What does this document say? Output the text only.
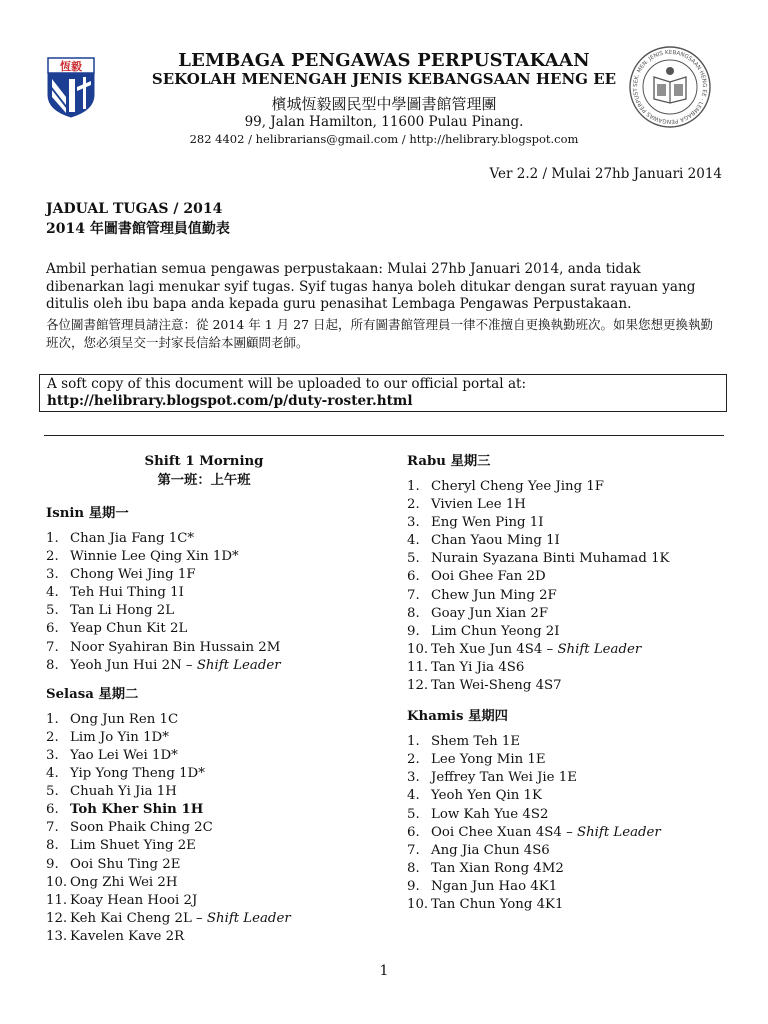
恆毅	LEMBAGA PENGAWAS PERPUSTAKAAN
SEKOLAH MENENGAH JENIS KEBANGSAAN HENG EE
檳城恆毅國民型中學圖書館管理團
99, Jalan Hamilton, 11600 Pulau Pinang.
282 4402 / helibrarians@gmail.com / http://helibrary.blogspot.com
SEK. MEN. JENIS KEBANGSAAN HENG EE · LEMBAGA PENGAWAS PERPUST
Ver 2.2 / Mulai 27hb Januari 2014
JADUAL TUGAS / 2014
2014 年圖書館管理員值勤表
Ambil perhatian semua pengawas perpustakaan: Mulai 27hb Januari 2014, anda tidak dibenarkan lagi menukar syif tugas. Syif tugas hanya boleh ditukar dengan surat rayuan yang ditulis oleh ibu bapa anda kepada guru penasihat Lembaga Pengawas Perpustakaan.
各位圖書館管理員請注意：從 2014 年 1 月 27 日起，所有圖書館管理員一律不准擅自更換執勤班次。如果您想更換執勤班次，您必須呈交一封家長信給本團顧問老師。
A soft copy of this document will be uploaded to our official portal at:
http://helibrary.blogspot.com/p/duty-roster.html
Shift 1 Morning
第一班：上午班
Isnin 星期一
1. Chan Jia Fang 1C*
2. Winnie Lee Qing Xin 1D*
3. Chong Wei Jing 1F
4. Teh Hui Thing 1I
5. Tan Li Hong 2L
6. Yeap Chun Kit 2L
7. Noor Syahiran Bin Hussain 2M
8. Yeoh Jun Hui 2N – Shift Leader
Selasa 星期二
1. Ong Jun Ren 1C
2. Lim Jo Yin 1D*
3. Yao Lei Wei 1D*
4. Yip Yong Theng 1D*
5. Chuah Yi Jia 1H
6. Toh Kher Shin 1H
7. Soon Phaik Ching 2C
8. Lim Shuet Ying 2E
9. Ooi Shu Ting 2E
10. Ong Zhi Wei 2H
11. Koay Hean Hooi 2J
12. Keh Kai Cheng 2L – Shift Leader
13. Kavelen Kave 2R
Rabu 星期三
1. Cheryl Cheng Yee Jing 1F
2. Vivien Lee 1H
3. Eng Wen Ping 1I
4. Chan Yaou Ming 1I
5. Nurain Syazana Binti Muhamad 1K
6. Ooi Ghee Fan 2D
7. Chew Jun Ming 2F
8. Goay Jun Xian 2F
9. Lim Chun Yeong 2I
10. Teh Xue Jun 4S4 – Shift Leader
11. Tan Yi Jia 4S6
12. Tan Wei-Sheng 4S7
Khamis 星期四
1. Shem Teh 1E
2. Lee Yong Min 1E
3. Jeffrey Tan Wei Jie 1E
4. Yeoh Yen Qin 1K
5. Low Kah Yue 4S2
6. Ooi Chee Xuan 4S4 – Shift Leader
7. Ang Jia Chun 4S6
8. Tan Xian Rong 4M2
9. Ngan Jun Hao 4K1
10. Tan Chun Yong 4K1
1
